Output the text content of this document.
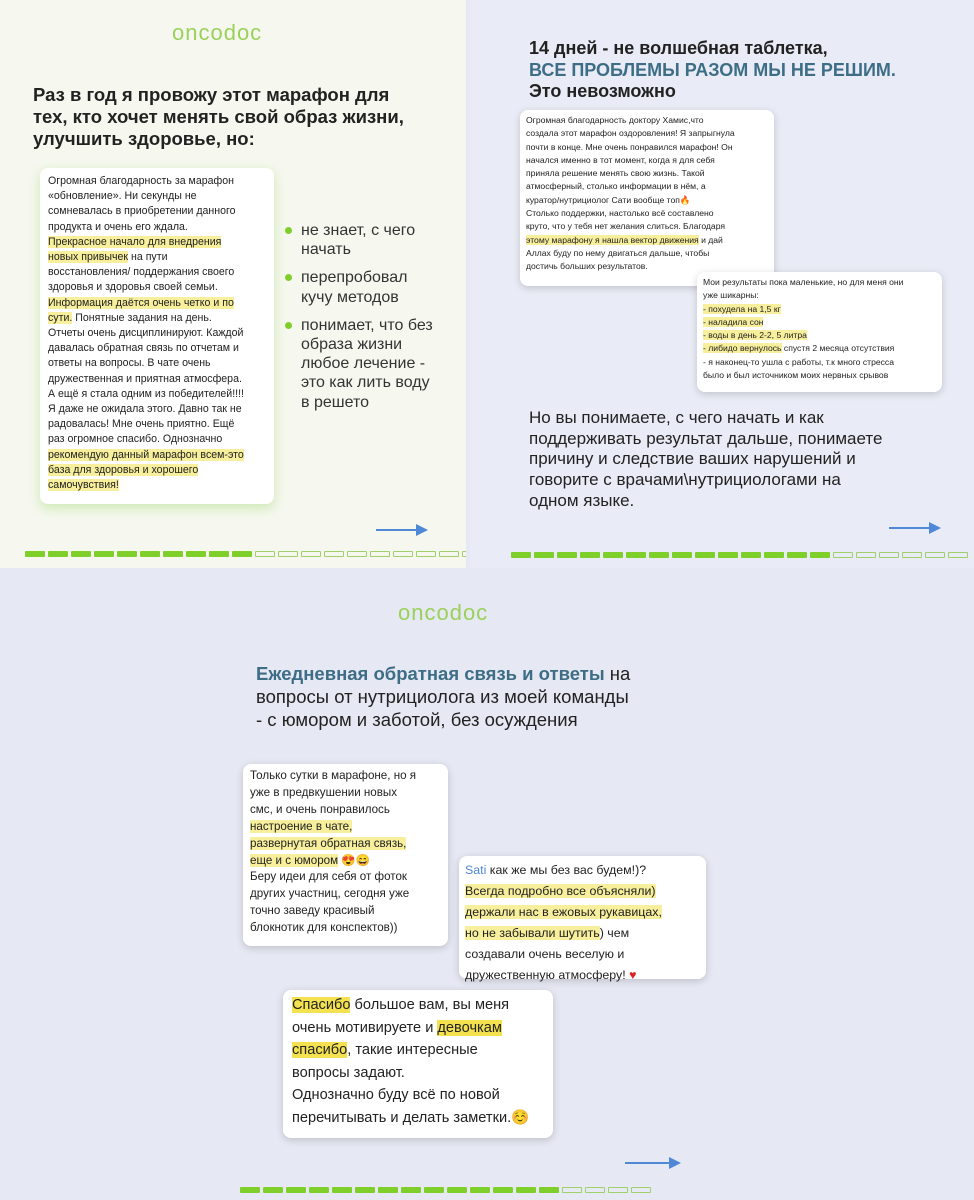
oncodoc
Раз в год я провожу этот марафон для
тех, кто хочет менять свой образ жизни,
улучшить здоровье, но:
Огромная благодарность за марафон
«обновление». Ни секунды не
сомневалась в приобретении данного
продукта и очень его ждала.
Прекрасное начало для внедрения
новых привычек на пути
восстановления/ поддержания своего
здоровья и здоровья своей семьи.
Информация даётся очень четко и по
сути. Понятные задания на день.
Отчеты очень дисциплинируют. Каждой
давалась обратная связь по отчетам и
ответы на вопросы. В чате очень
дружественная и приятная атмосфера.
А ещё я стала одним из победителей!!!!
Я даже не ожидала этого. Давно так не
радовалась! Мне очень приятно. Ещё
раз огромное спасибо. Однозначно
рекомендую данный марафон всем-это
база для здоровья и хорошего
самочувствия!
не знает, с чего
начать
перепробовал
кучу методов
понимает, что без
образа жизни
любое лечение -
это как лить воду
в решето
14 дней - не волшебная таблетка,
ВСЕ ПРОБЛЕМЫ РАЗОМ МЫ НЕ РЕШИМ.
Это невозможно
Огромная благодарность доктору Хамис,что
создала этот марафон оздоровления! Я запрыгнула
почти в конце. Мне очень понравился марафон! Он
начался именно в тот момент, когда я для себя
приняла решение менять свою жизнь. Такой
атмосферный, столько информации в нём, а
куратор/нутрициолог Сати вообще топ🔥
Столько поддержки, настолько всё составлено
круто, что у тебя нет желания слиться. Благодаря
этому марафону я нашла вектор движения и дай
Аллах буду по нему двигаться дальше, чтобы
достичь больших результатов.
Мои результаты пока маленькие, но для меня они
уже шикарны:
- похудела на 1,5 кг
- наладила сон
- воды в день 2-2, 5 литра
- либидо вернулось спустя 2 месяца отсутствия
- я наконец-то ушла с работы, т.к много стресса
было и был источником моих нервных срывов
Но вы понимаете, с чего начать и как
поддерживать результат дальше, понимаете
причину и следствие ваших нарушений и
говорите с врачами\нутрициологами на
одном языке.
oncodoc
Ежедневная обратная связь и ответы на
вопросы от нутрициолога из моей команды
- с юмором и заботой, без осуждения
Только сутки в марафоне, но я
уже в предвкушении новых
смс, и очень понравилось
настроение в чате,
развернутая обратная связь,
еще и с юмором 😍😄
Беру идеи для себя от фоток
других участниц, сегодня уже
точно заведу красивый
блокнотик для конспектов))
Sati как же мы без вас будем!)?
Всегда подробно все объясняли)
держали нас в ежовых рукавицах,
но не забывали шутить) чем
создавали очень веселую и
дружественную атмосферу! ♥
Спасибо большое вам, вы меня
очень мотивируете и девочкам
спасибо, такие интересные
вопросы задают.
Однозначно буду всё по новой
перечитывать и делать заметки.☺️
